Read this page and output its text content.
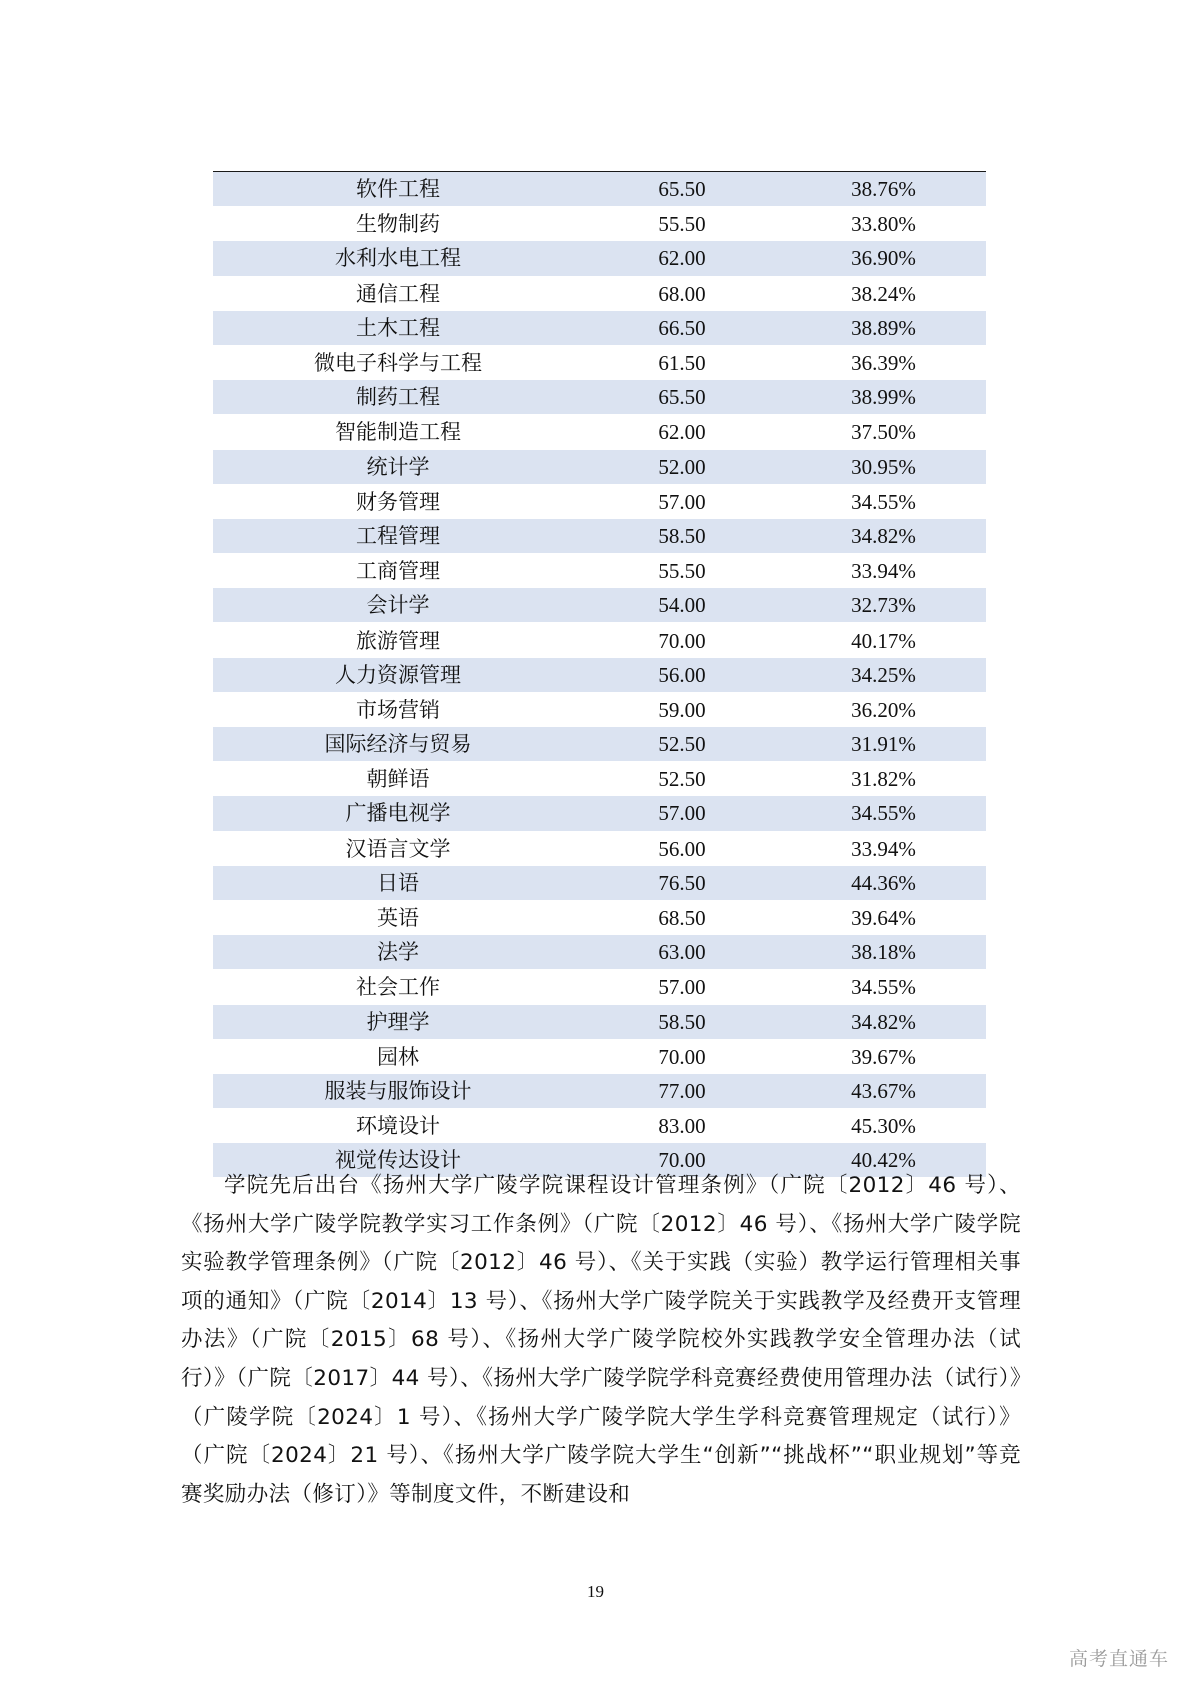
软件工程	65.50	38.76%
生物制药	55.50	33.80%
水利水电工程	62.00	36.90%
通信工程	68.00	38.24%
土木工程	66.50	38.89%
微电子科学与工程	61.50	36.39%
制药工程	65.50	38.99%
智能制造工程	62.00	37.50%
统计学	52.00	30.95%
财务管理	57.00	34.55%
工程管理	58.50	34.82%
工商管理	55.50	33.94%
会计学	54.00	32.73%
旅游管理	70.00	40.17%
人力资源管理	56.00	34.25%
市场营销	59.00	36.20%
国际经济与贸易	52.50	31.91%
朝鲜语	52.50	31.82%
广播电视学	57.00	34.55%
汉语言文学	56.00	33.94%
日语	76.50	44.36%
英语	68.50	39.64%
法学	63.00	38.18%
社会工作	57.00	34.55%
护理学	58.50	34.82%
园林	70.00	39.67%
服装与服饰设计	77.00	43.67%
环境设计	83.00	45.30%
视觉传达设计	70.00	40.42%

学院先后出台《扬州大学广陵学院课程设计管理条例》（广院〔2012〕46 号）、《扬州大学广陵学院教学实习工作条例》（广院〔2012〕46 号）、《扬州大学广陵学院实验教学管理条例》（广院〔2012〕46 号）、《关于实践（实验）教学运行管理相关事项的通知》（广院〔2014〕13 号）、《扬州大学广陵学院关于实践教学及经费开支管理办法》（广院〔2015〕68 号）、《扬州大学广陵学院校外实践教学安全管理办法（试行）》（广院〔2017〕44 号）、《扬州大学广陵学院学科竞赛经费使用管理办法（试行）》（广陵学院〔2024〕1 号）、《扬州大学广陵学院大学生学科竞赛管理规定（试行）》（广院〔2024〕21 号）、《扬州大学广陵学院大学生“创新”“挑战杯”“职业规划”等竞赛奖励办法（修订）》等制度文件，不断建设和

19
高考直通车
